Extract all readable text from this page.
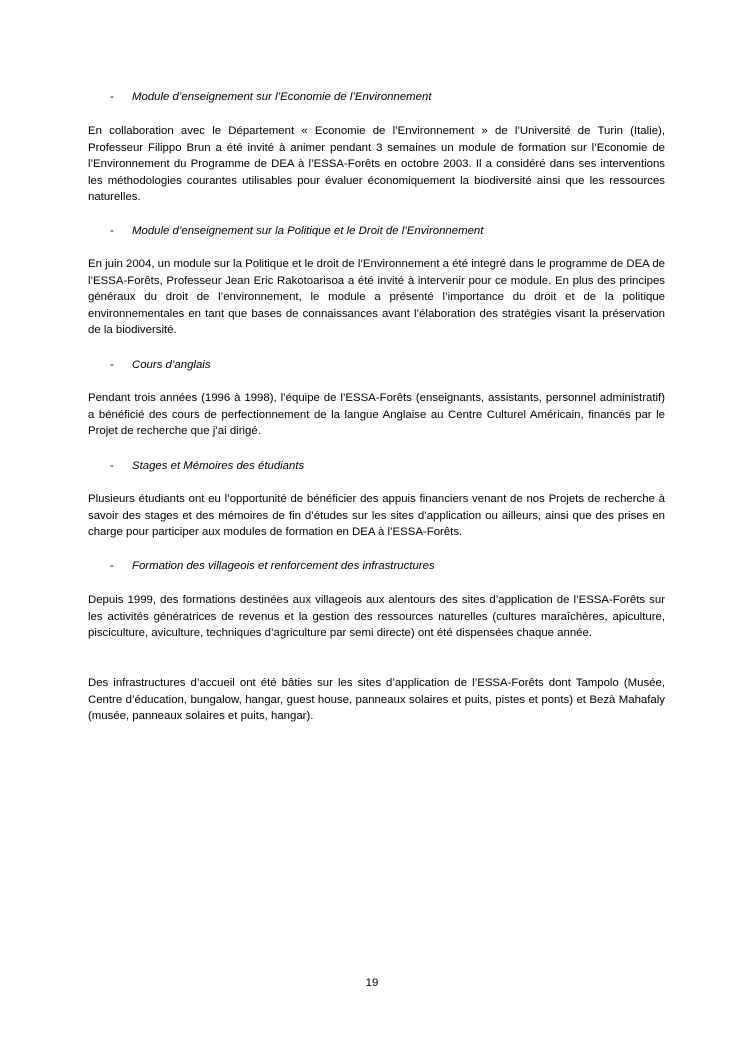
- Module d’enseignement sur l’Economie de l’Environnement

En collaboration avec le Département « Economie de l’Environnement » de l’Université de Turin (Italie), Professeur Filippo Brun a été invité à animer pendant 3 semaines un module de formation sur l’Economie de l’Environnement du Programme de DEA à l’ESSA-Forêts en octobre 2003. Il a considéré dans ses interventions les méthodologies courantes utilisables pour évaluer économiquement la biodiversité ainsi que les ressources naturelles.

- Module d’enseignement sur la Politique et le Droit de l’Environnement

En juin 2004, un module sur la Politique et le droit de l’Environnement a été integré dans le programme de DEA de l’ESSA-Forêts, Professeur Jean Eric Rakotoarisoa a été invité à intervenir pour ce module. En plus des principes généraux du droit de l’environnement, le module a présenté l’importance du droit et de la politique environnementales en tant que bases de connaissances avant l’élaboration des stratégies visant la préservation de la biodiversité.

- Cours d’anglais

Pendant trois années (1996 à 1998), l’équipe de l’ESSA-Forêts (enseignants, assistants, personnel administratif) a bénéficié des cours de perfectionnement de la langue Anglaise au Centre Culturel Américain, financés par le Projet de recherche que j’ai dirigé.

- Stages et Mémoires des étudiants

Plusieurs étudiants ont eu l’opportunité de bénéficier des appuis financiers venant de nos Projets de recherche à savoir des stages et des mémoires de fin d’études sur les sites d’application ou ailleurs, ainsi que des prises en charge pour participer aux modules de formation en DEA à l’ESSA-Forêts.

- Formation des villageois et renforcement des infrastructures

Depuis 1999, des formations destinées aux villageois aux alentours des sites d’application de l’ESSA-Forêts sur les activités génératrices de revenus et la gestion des ressources naturelles (cultures maraîchères, apiculture, pisciculture, aviculture, techniques d’agriculture par semi directe) ont été dispensées chaque année.

Des infrastructures d’accueil ont été bâties sur les sites d’application de l’ESSA-Forêts dont Tampolo (Musée, Centre d’éducation, bungalow, hangar, guest house, panneaux solaires et puits, pistes et ponts) et Bezà Mahafaly (musée, panneaux solaires et puits, hangar).

19
